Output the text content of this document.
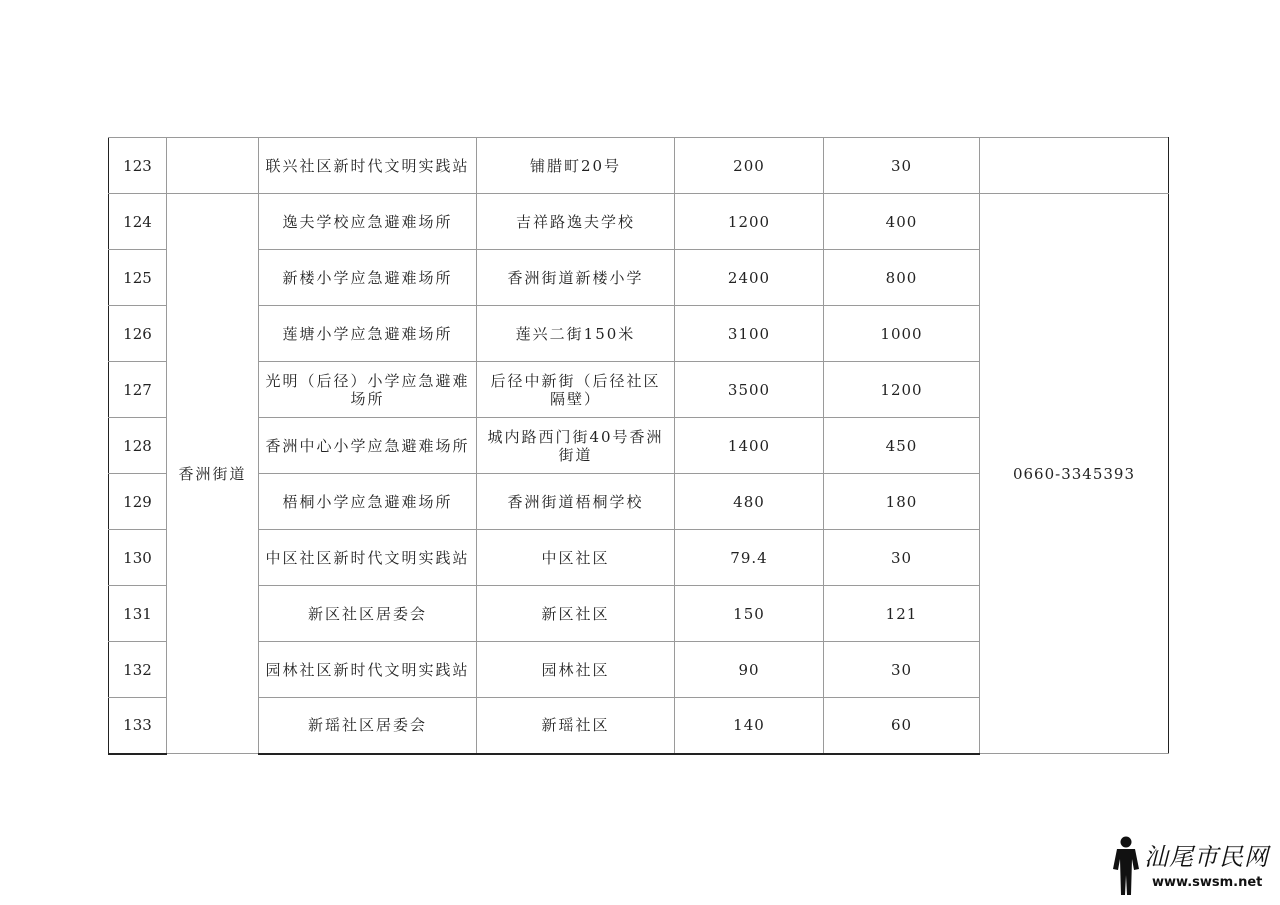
123		联兴社区新时代文明实践站	铺腊町20号	200	30	
124	香洲街道	逸夫学校应急避难场所	吉祥路逸夫学校	1200	400	0660-3345393
125		新楼小学应急避难场所	香洲街道新楼小学	2400	800	
126		莲塘小学应急避难场所	莲兴二街150米	3100	1000	
127		光明（后径）小学应急避难场所	后径中新街（后径社区隔壁）	3500	1200	
128		香洲中心小学应急避难场所	城内路西门街40号香洲街道	1400	450	
129		梧桐小学应急避难场所	香洲街道梧桐学校	480	180	
130		中区社区新时代文明实践站	中区社区	79.4	30	
131		新区社区居委会	新区社区	150	121	
132		园林社区新时代文明实践站	园林社区	90	30	
133		新瑶社区居委会	新瑶社区	140	60	
汕尾市民网
www.swsm.net
